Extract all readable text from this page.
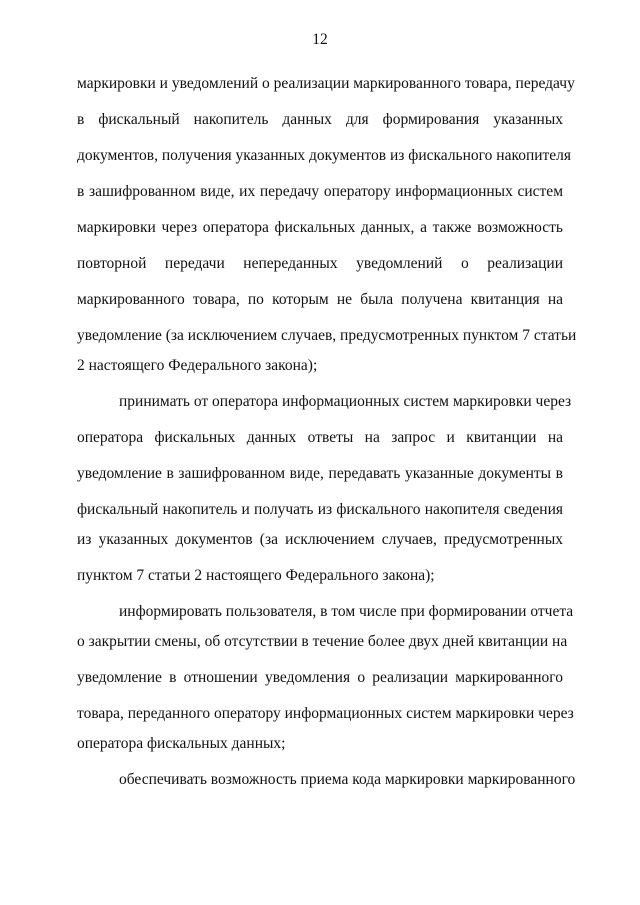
12
маркировки и уведомлений о реализации маркированного товара, передачу
в фискальный накопитель данных для формирования указанных
документов, получения указанных документов из фискального накопителя
в зашифрованном виде, их передачу оператору информационных систем
маркировки через оператора фискальных данных, а также возможность
повторной передачи непереданных уведомлений о реализации
маркированного товара, по которым не была получена квитанция на
уведомление (за исключением случаев, предусмотренных пунктом 7 статьи
2 настоящего Федерального закона);
принимать от оператора информационных систем маркировки через
оператора фискальных данных ответы на запрос и квитанции на
уведомление в зашифрованном виде, передавать указанные документы в
фискальный накопитель и получать из фискального накопителя сведения
из указанных документов (за исключением случаев, предусмотренных
пунктом 7 статьи 2 настоящего Федерального закона);
информировать пользователя, в том числе при формировании отчета
о закрытии смены, об отсутствии в течение более двух дней квитанции на
уведомление в отношении уведомления о реализации маркированного
товара, переданного оператору информационных систем маркировки через
оператора фискальных данных;
обеспечивать возможность приема кода маркировки маркированного
